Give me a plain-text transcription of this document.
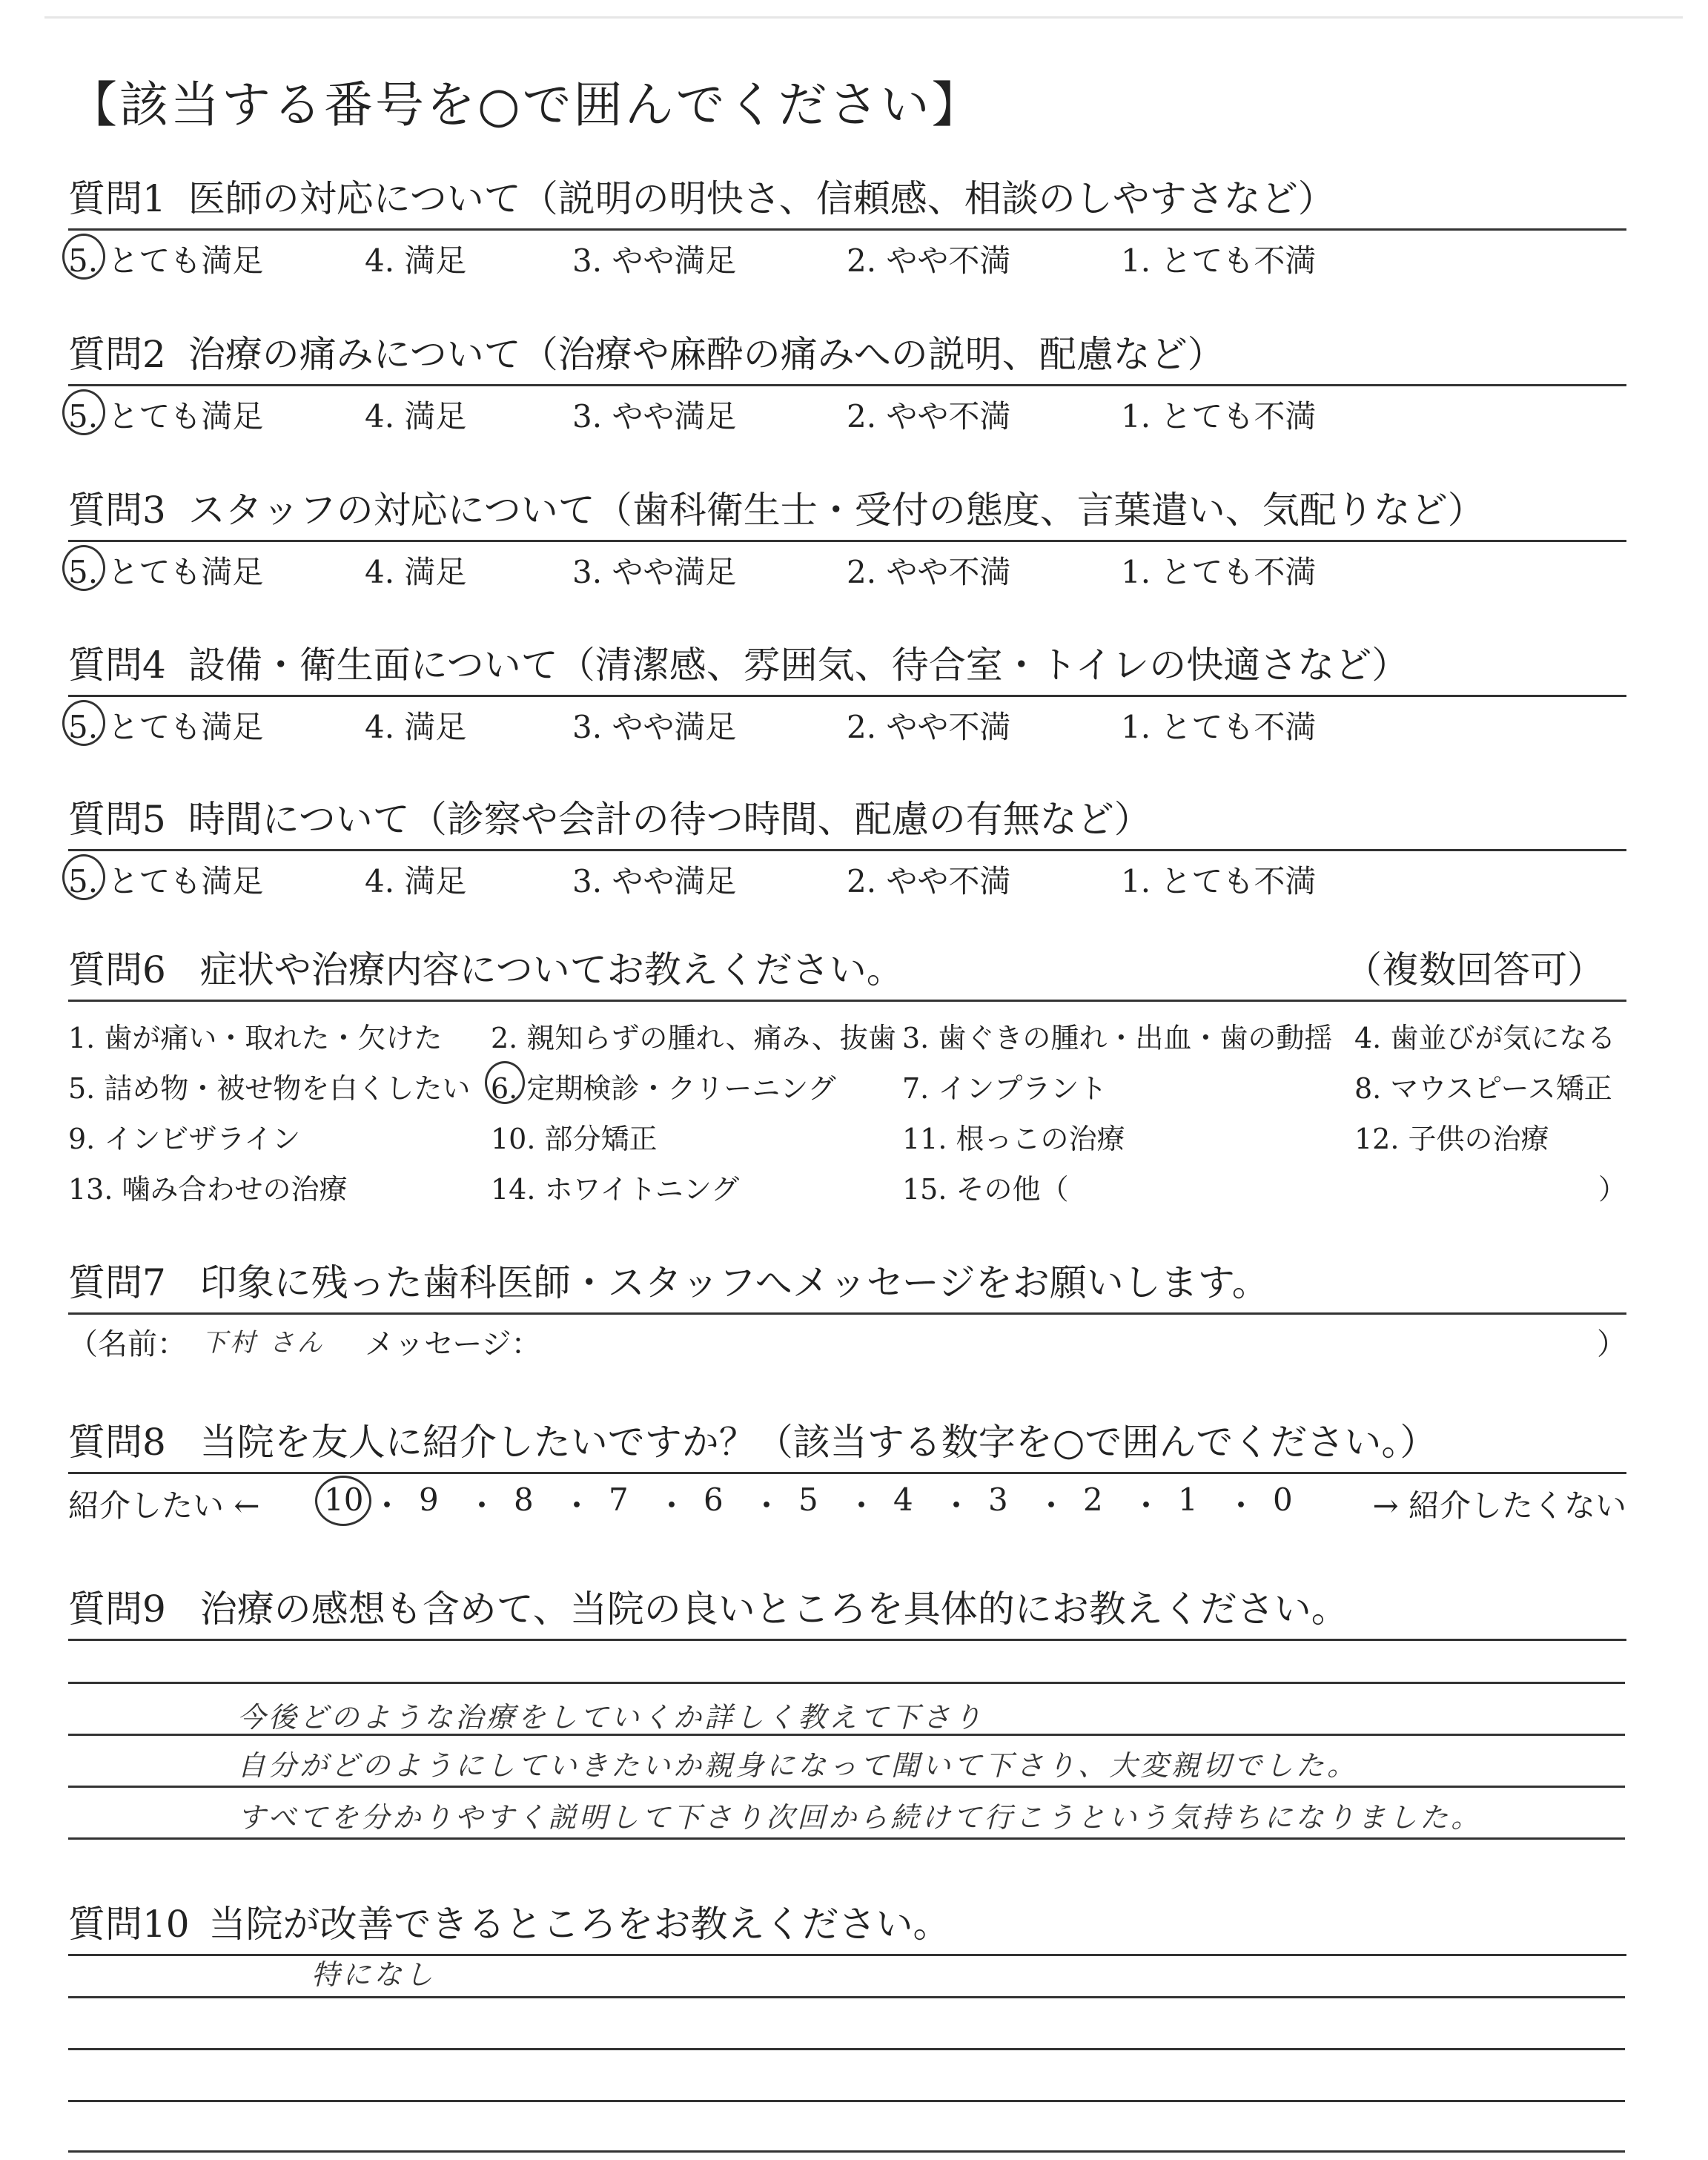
【該当する番号を○で囲んでください】
質問1 医師の対応について（説明の明快さ、信頼感、相談のしやすさなど）
5. とても満足	4. 満足	3. やや満足	2. やや不満	1. とても不満
質問2 治療の痛みについて（治療や麻酔の痛みへの説明、配慮など）
5. とても満足	4. 満足	3. やや満足	2. やや不満	1. とても不満
質問3 スタッフの対応について（歯科衛生士・受付の態度、言葉遣い、気配りなど）
5. とても満足	4. 満足	3. やや満足	2. やや不満	1. とても不満
質問4 設備・衛生面について（清潔感、雰囲気、待合室・トイレの快適さなど）
5. とても満足	4. 満足	3. やや満足	2. やや不満	1. とても不満
質問5 時間について（診察や会計の待つ時間、配慮の有無など）
5. とても満足	4. 満足	3. やや満足	2. やや不満	1. とても不満
質問6 症状や治療内容についてお教えください。	（複数回答可）
1. 歯が痛い・取れた・欠けた 2. 親知らずの腫れ、痛み、抜歯 3. 歯ぐきの腫れ・出血・歯の動揺 4. 歯並びが気になる
5. 詰め物・被せ物を白くしたい 6. 定期検診・クリーニング 7. インプラント	8. マウスピース矯正
9. インビザライン	10. 部分矯正	11. 根っこの治療	12. 子供の治療
13. 噛み合わせの治療	14. ホワイトニング	15. その他（	）
質問7 印象に残った歯科医師・スタッフへメッセージをお願いします。
（名前： 下村 さん メッセージ：	）
質問8 当院を友人に紹介したいですか？（該当する数字を○で囲んでください。）
紹介したい ←	→ 紹介したくない
10 ・ 9 ・ 8 ・ 7 ・ 6 ・ 5 ・ 4 ・ 3 ・ 2 ・ 1 ・ 0
質問9 治療の感想も含めて、当院の良いところを具体的にお教えください。
今後どのような治療をしていくか詳しく教えて下さり
自分がどのようにしていきたいか親身になって聞いて下さり、大変親切でした。
すべてを分かりやすく説明して下さり次回から続けて行こうという気持ちになりました。
質問10 当院が改善できるところをお教えください。
特になし
